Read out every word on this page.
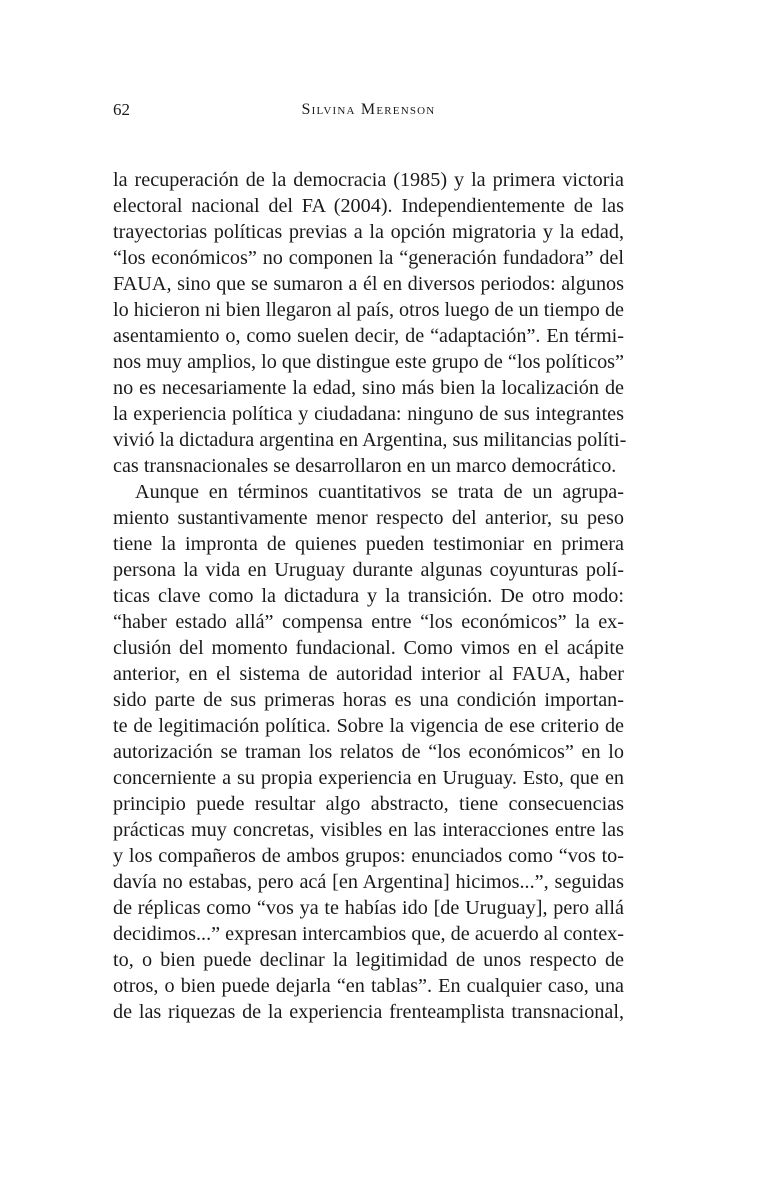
62	Silvina Merenson
la recuperación de la democracia (1985) y la primera victoria
electoral nacional del FA (2004). Independientemente de las
trayectorias políticas previas a la opción migratoria y la edad,
“los económicos” no componen la “generación fundadora” del
FAUA, sino que se sumaron a él en diversos periodos: algunos
lo hicieron ni bien llegaron al país, otros luego de un tiempo de
asentamiento o, como suelen decir, de “adaptación”. En térmi-
nos muy amplios, lo que distingue este grupo de “los políticos”
no es necesariamente la edad, sino más bien la localización de
la experiencia política y ciudadana: ninguno de sus integrantes
vivió la dictadura argentina en Argentina, sus militancias políti-
cas transnacionales se desarrollaron en un marco democrático.
Aunque en términos cuantitativos se trata de un agrupa-
miento sustantivamente menor respecto del anterior, su peso
tiene la impronta de quienes pueden testimoniar en primera
persona la vida en Uruguay durante algunas coyunturas polí-
ticas clave como la dictadura y la transición. De otro modo:
“haber estado allá” compensa entre “los económicos” la ex-
clusión del momento fundacional. Como vimos en el acápite
anterior, en el sistema de autoridad interior al FAUA, haber
sido parte de sus primeras horas es una condición importan-
te de legitimación política. Sobre la vigencia de ese criterio de
autorización se traman los relatos de “los económicos” en lo
concerniente a su propia experiencia en Uruguay. Esto, que en
principio puede resultar algo abstracto, tiene consecuencias
prácticas muy concretas, visibles en las interacciones entre las
y los compañeros de ambos grupos: enunciados como “vos to-
davía no estabas, pero acá [en Argentina] hicimos...”, seguidas
de réplicas como “vos ya te habías ido [de Uruguay], pero allá
decidimos...” expresan intercambios que, de acuerdo al contex-
to, o bien puede declinar la legitimidad de unos respecto de
otros, o bien puede dejarla “en tablas”. En cualquier caso, una
de las riquezas de la experiencia frenteamplista transnacional,
